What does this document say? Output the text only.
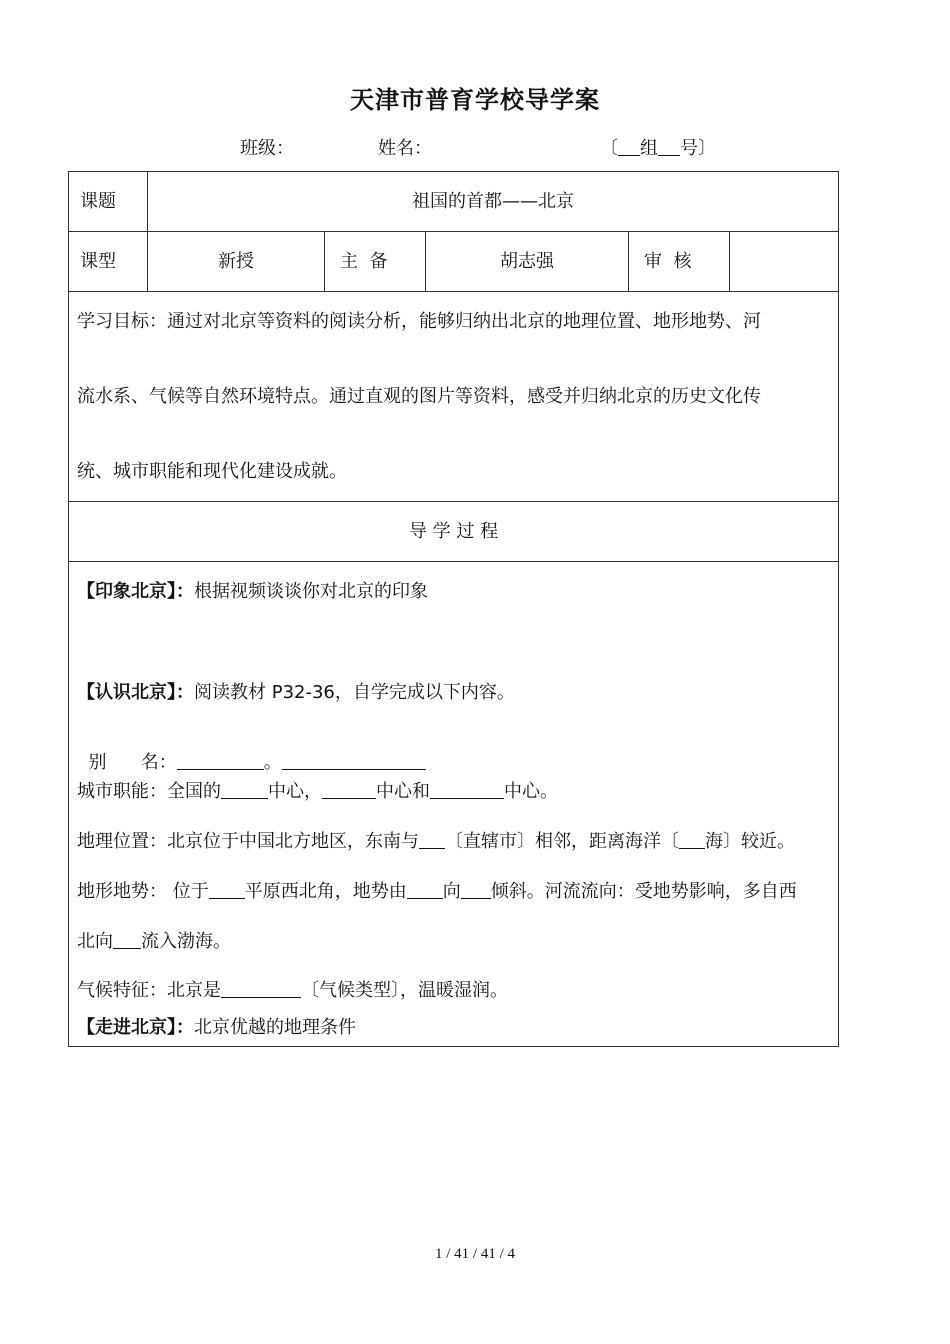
天津市普育学校导学案
班级：	姓名：	〔 组 号〕
课题	祖国的首都——北京
课型	新授	主  备	胡志强	审  核
学习目标：通过对北京等资料的阅读分析，能够归纳出北京的地理位置、地形地势、河
流水系、气候等自然环境特点。通过直观的图片等资料，感受并归纳北京的历史文化传
统、城市职能和现代化建设成就。
导 学 过 程
【印象北京】：根据视频谈谈你对北京的印象
【认识北京】：阅读教材 P32-36，自学完成以下内容。

别      名：	。

城市职能：全国的	中心，	中心和	中心。
地理位置：北京位于中国北方地区，东南与 〔直辖市〕相邻，距离海洋〔 海〕较近。
地形地势： 位于 平原西北角，地势由 向 倾斜。河流流向：受地势影响，多自西
北向 流入渤海。
气候特征：北京是	〔气候类型〕，温暖湿润。
【走进北京】：北京优越的地理条件
1 / 41 / 41 / 4
